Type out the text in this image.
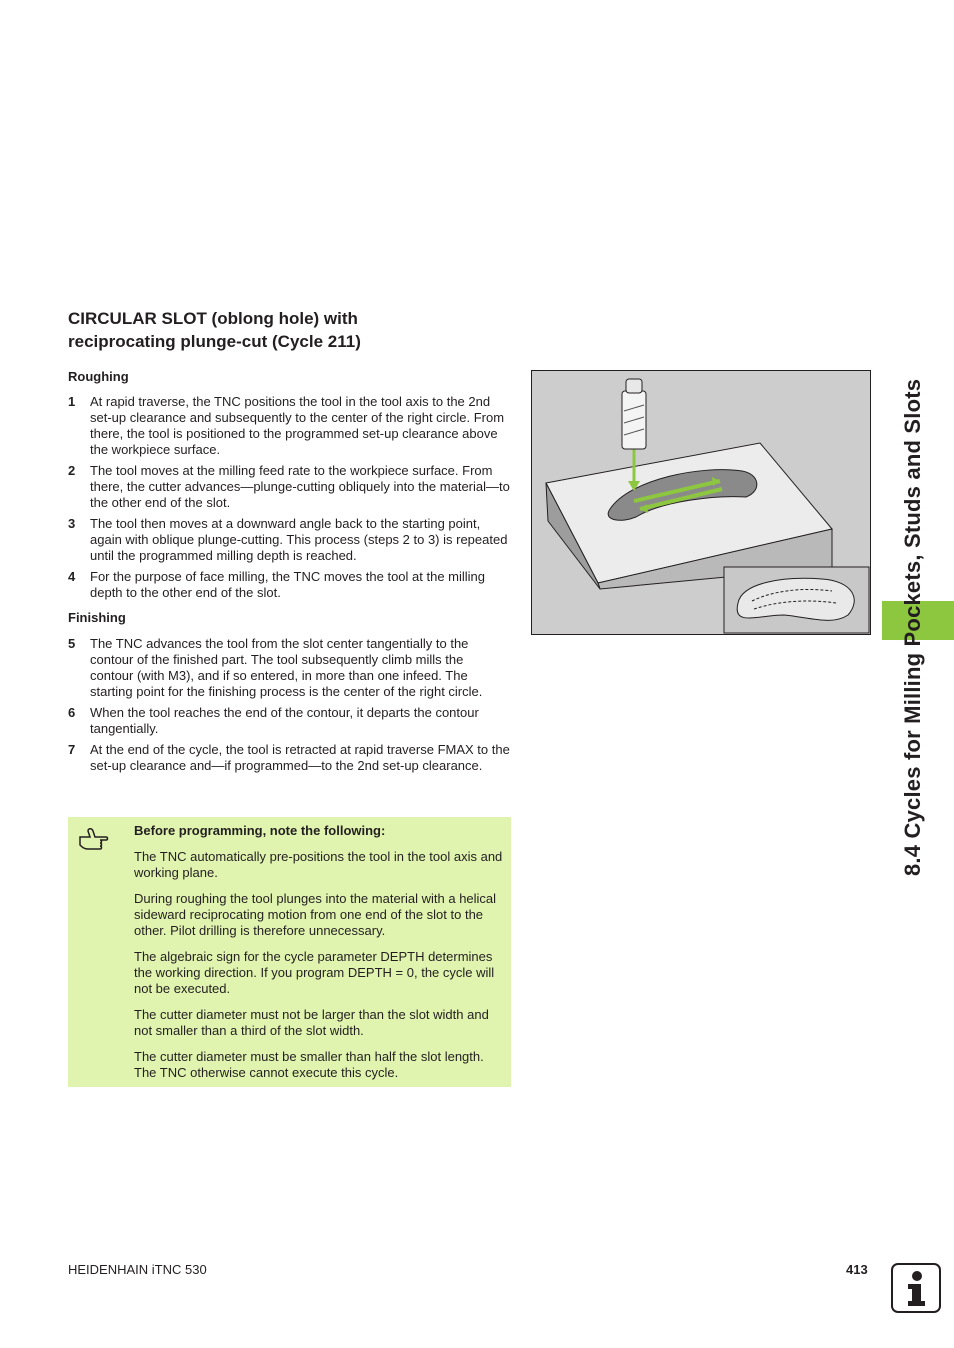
CIRCULAR SLOT (oblong hole) with
reciprocating plunge-cut (Cycle 211)
Roughing
1 At rapid traverse, the TNC positions the tool in the tool axis to the 2nd set-up clearance and subsequently to the center of the right circle. From there, the tool is positioned to the programmed set-up clearance above the workpiece surface.
2 The tool moves at the milling feed rate to the workpiece surface. From there, the cutter advances—plunge-cutting obliquely into the material—to the other end of the slot.
3 The tool then moves at a downward angle back to the starting point, again with oblique plunge-cutting. This process (steps 2 to 3) is repeated until the programmed milling depth is reached.
4 For the purpose of face milling, the TNC moves the tool at the milling depth to the other end of the slot.
Finishing
5 The TNC advances the tool from the slot center tangentially to the contour of the finished part. The tool subsequently climb mills the contour (with M3), and if so entered, in more than one infeed. The starting point for the finishing process is the center of the right circle.
6 When the tool reaches the end of the contour, it departs the contour tangentially.
7 At the end of the cycle, the tool is retracted at rapid traverse FMAX to the set-up clearance and—if programmed—to the 2nd set-up clearance.	8.4 Cycles for Milling Pockets, Studs and Slots
Before programming, note the following:

The TNC automatically pre-positions the tool in the tool axis and working plane.

During roughing the tool plunges into the material with a helical sideward reciprocating motion from one end of the slot to the other. Pilot drilling is therefore unnecessary.

The algebraic sign for the cycle parameter DEPTH determines the working direction. If you program DEPTH = 0, the cycle will not be executed.

The cutter diameter must not be larger than the slot width and not smaller than a third of the slot width.

The cutter diameter must be smaller than half the slot length. The TNC otherwise cannot execute this cycle.

HEIDENHAIN iTNC 530	413
